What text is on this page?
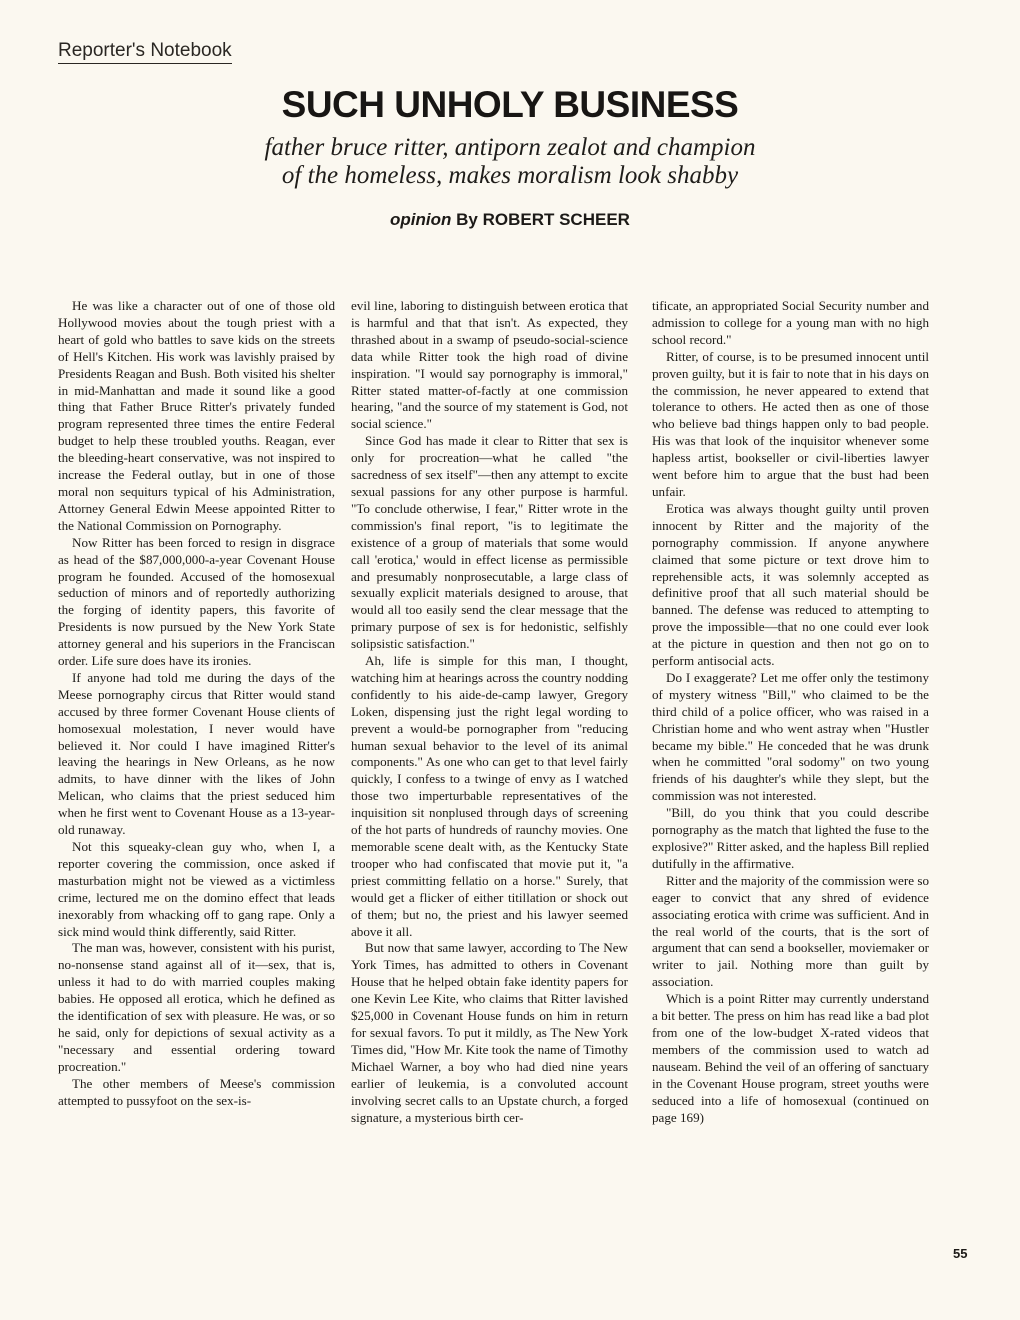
Reporter's Notebook
SUCH UNHOLY BUSINESS
father bruce ritter, antiporn zealot and champion
of the homeless, makes moralism look shabby
opinion By ROBERT SCHEER

He was like a character out of one of those old Hollywood movies about the tough priest with a heart of gold who battles to save kids on the streets of Hell's Kitchen. His work was lavishly praised by Presidents Reagan and Bush. Both visited his shelter in mid-Manhattan and made it sound like a good thing that Father Bruce Ritter's privately funded program represented three times the entire Federal budget to help these troubled youths. Reagan, ever the bleeding-heart conservative, was not inspired to increase the Federal outlay, but in one of those moral non sequiturs typical of his Administration, Attorney General Edwin Meese appointed Ritter to the National Commission on Pornography.

Now Ritter has been forced to resign in disgrace as head of the $87,000,000-a-year Covenant House program he founded. Accused of the homosexual seduction of minors and of reportedly authorizing the forging of identity papers, this favorite of Presidents is now pursued by the New York State attorney general and his superiors in the Franciscan order. Life sure does have its ironies.

If anyone had told me during the days of the Meese pornography circus that Ritter would stand accused by three former Covenant House clients of homosexual molestation, I never would have believed it. Nor could I have imagined Ritter's leaving the hearings in New Orleans, as he now admits, to have dinner with the likes of John Melican, who claims that the priest seduced him when he first went to Covenant House as a 13-year-old runaway.

Not this squeaky-clean guy who, when I, a reporter covering the commission, once asked if masturbation might not be viewed as a victimless crime, lectured me on the domino effect that leads inexorably from whacking off to gang rape. Only a sick mind would think differently, said Ritter.

The man was, however, consistent with his purist, no-nonsense stand against all of it—sex, that is, unless it had to do with married couples making babies. He opposed all erotica, which he defined as the identification of sex with pleasure. He was, or so he said, only for depictions of sexual activity as a "necessary and essential ordering toward procreation."

The other members of Meese's commission attempted to pussyfoot on the sex-is-

evil line, laboring to distinguish between erotica that is harmful and that that isn't. As expected, they thrashed about in a swamp of pseudo-social-science data while Ritter took the high road of divine inspiration. "I would say pornography is immoral," Ritter stated matter-of-factly at one commission hearing, "and the source of my statement is God, not social science."

Since God has made it clear to Ritter that sex is only for procreation—what he called "the sacredness of sex itself"—then any attempt to excite sexual passions for any other purpose is harmful. "To conclude otherwise, I fear," Ritter wrote in the commission's final report, "is to legitimate the existence of a group of materials that some would call 'erotica,' would in effect license as permissible and presumably nonprosecutable, a large class of sexually explicit materials designed to arouse, that would all too easily send the clear message that the primary purpose of sex is for hedonistic, selfishly solipsistic satisfaction."

Ah, life is simple for this man, I thought, watching him at hearings across the country nodding confidently to his aide-de-camp lawyer, Gregory Loken, dispensing just the right legal wording to prevent a would-be pornographer from "reducing human sexual behavior to the level of its animal components." As one who can get to that level fairly quickly, I confess to a twinge of envy as I watched those two imperturbable representatives of the inquisition sit nonplused through days of screening of the hot parts of hundreds of raunchy movies. One memorable scene dealt with, as the Kentucky State trooper who had confiscated that movie put it, "a priest committing fellatio on a horse." Surely, that would get a flicker of either titillation or shock out of them; but no, the priest and his lawyer seemed above it all.

But now that same lawyer, according to The New York Times, has admitted to others in Covenant House that he helped obtain fake identity papers for one Kevin Lee Kite, who claims that Ritter lavished $25,000 in Covenant House funds on him in return for sexual favors. To put it mildly, as The New York Times did, "How Mr. Kite took the name of Timothy Michael Warner, a boy who had died nine years earlier of leukemia, is a convoluted account involving secret calls to an Upstate church, a forged signature, a mysterious birth cer-

tificate, an appropriated Social Security number and admission to college for a young man with no high school record."

Ritter, of course, is to be presumed innocent until proven guilty, but it is fair to note that in his days on the commission, he never appeared to extend that tolerance to others. He acted then as one of those who believe bad things happen only to bad people. His was that look of the inquisitor whenever some hapless artist, bookseller or civil-liberties lawyer went before him to argue that the bust had been unfair.

Erotica was always thought guilty until proven innocent by Ritter and the majority of the pornography commission. If anyone anywhere claimed that some picture or text drove him to reprehensible acts, it was solemnly accepted as definitive proof that all such material should be banned. The defense was reduced to attempting to prove the impossible—that no one could ever look at the picture in question and then not go on to perform antisocial acts.

Do I exaggerate? Let me offer only the testimony of mystery witness "Bill," who claimed to be the third child of a police officer, who was raised in a Christian home and who went astray when "Hustler became my bible." He conceded that he was drunk when he committed "oral sodomy" on two young friends of his daughter's while they slept, but the commission was not interested.

"Bill, do you think that you could describe pornography as the match that lighted the fuse to the explosive?" Ritter asked, and the hapless Bill replied dutifully in the affirmative.

Ritter and the majority of the commission were so eager to convict that any shred of evidence associating erotica with crime was sufficient. And in the real world of the courts, that is the sort of argument that can send a bookseller, moviemaker or writer to jail. Nothing more than guilt by association.

Which is a point Ritter may currently understand a bit better. The press on him has read like a bad plot from one of the low-budget X-rated videos that members of the commission used to watch ad nauseam. Behind the veil of an offering of sanctuary in the Covenant House program, street youths were seduced into a life of homosexual (continued on page 169)

55
